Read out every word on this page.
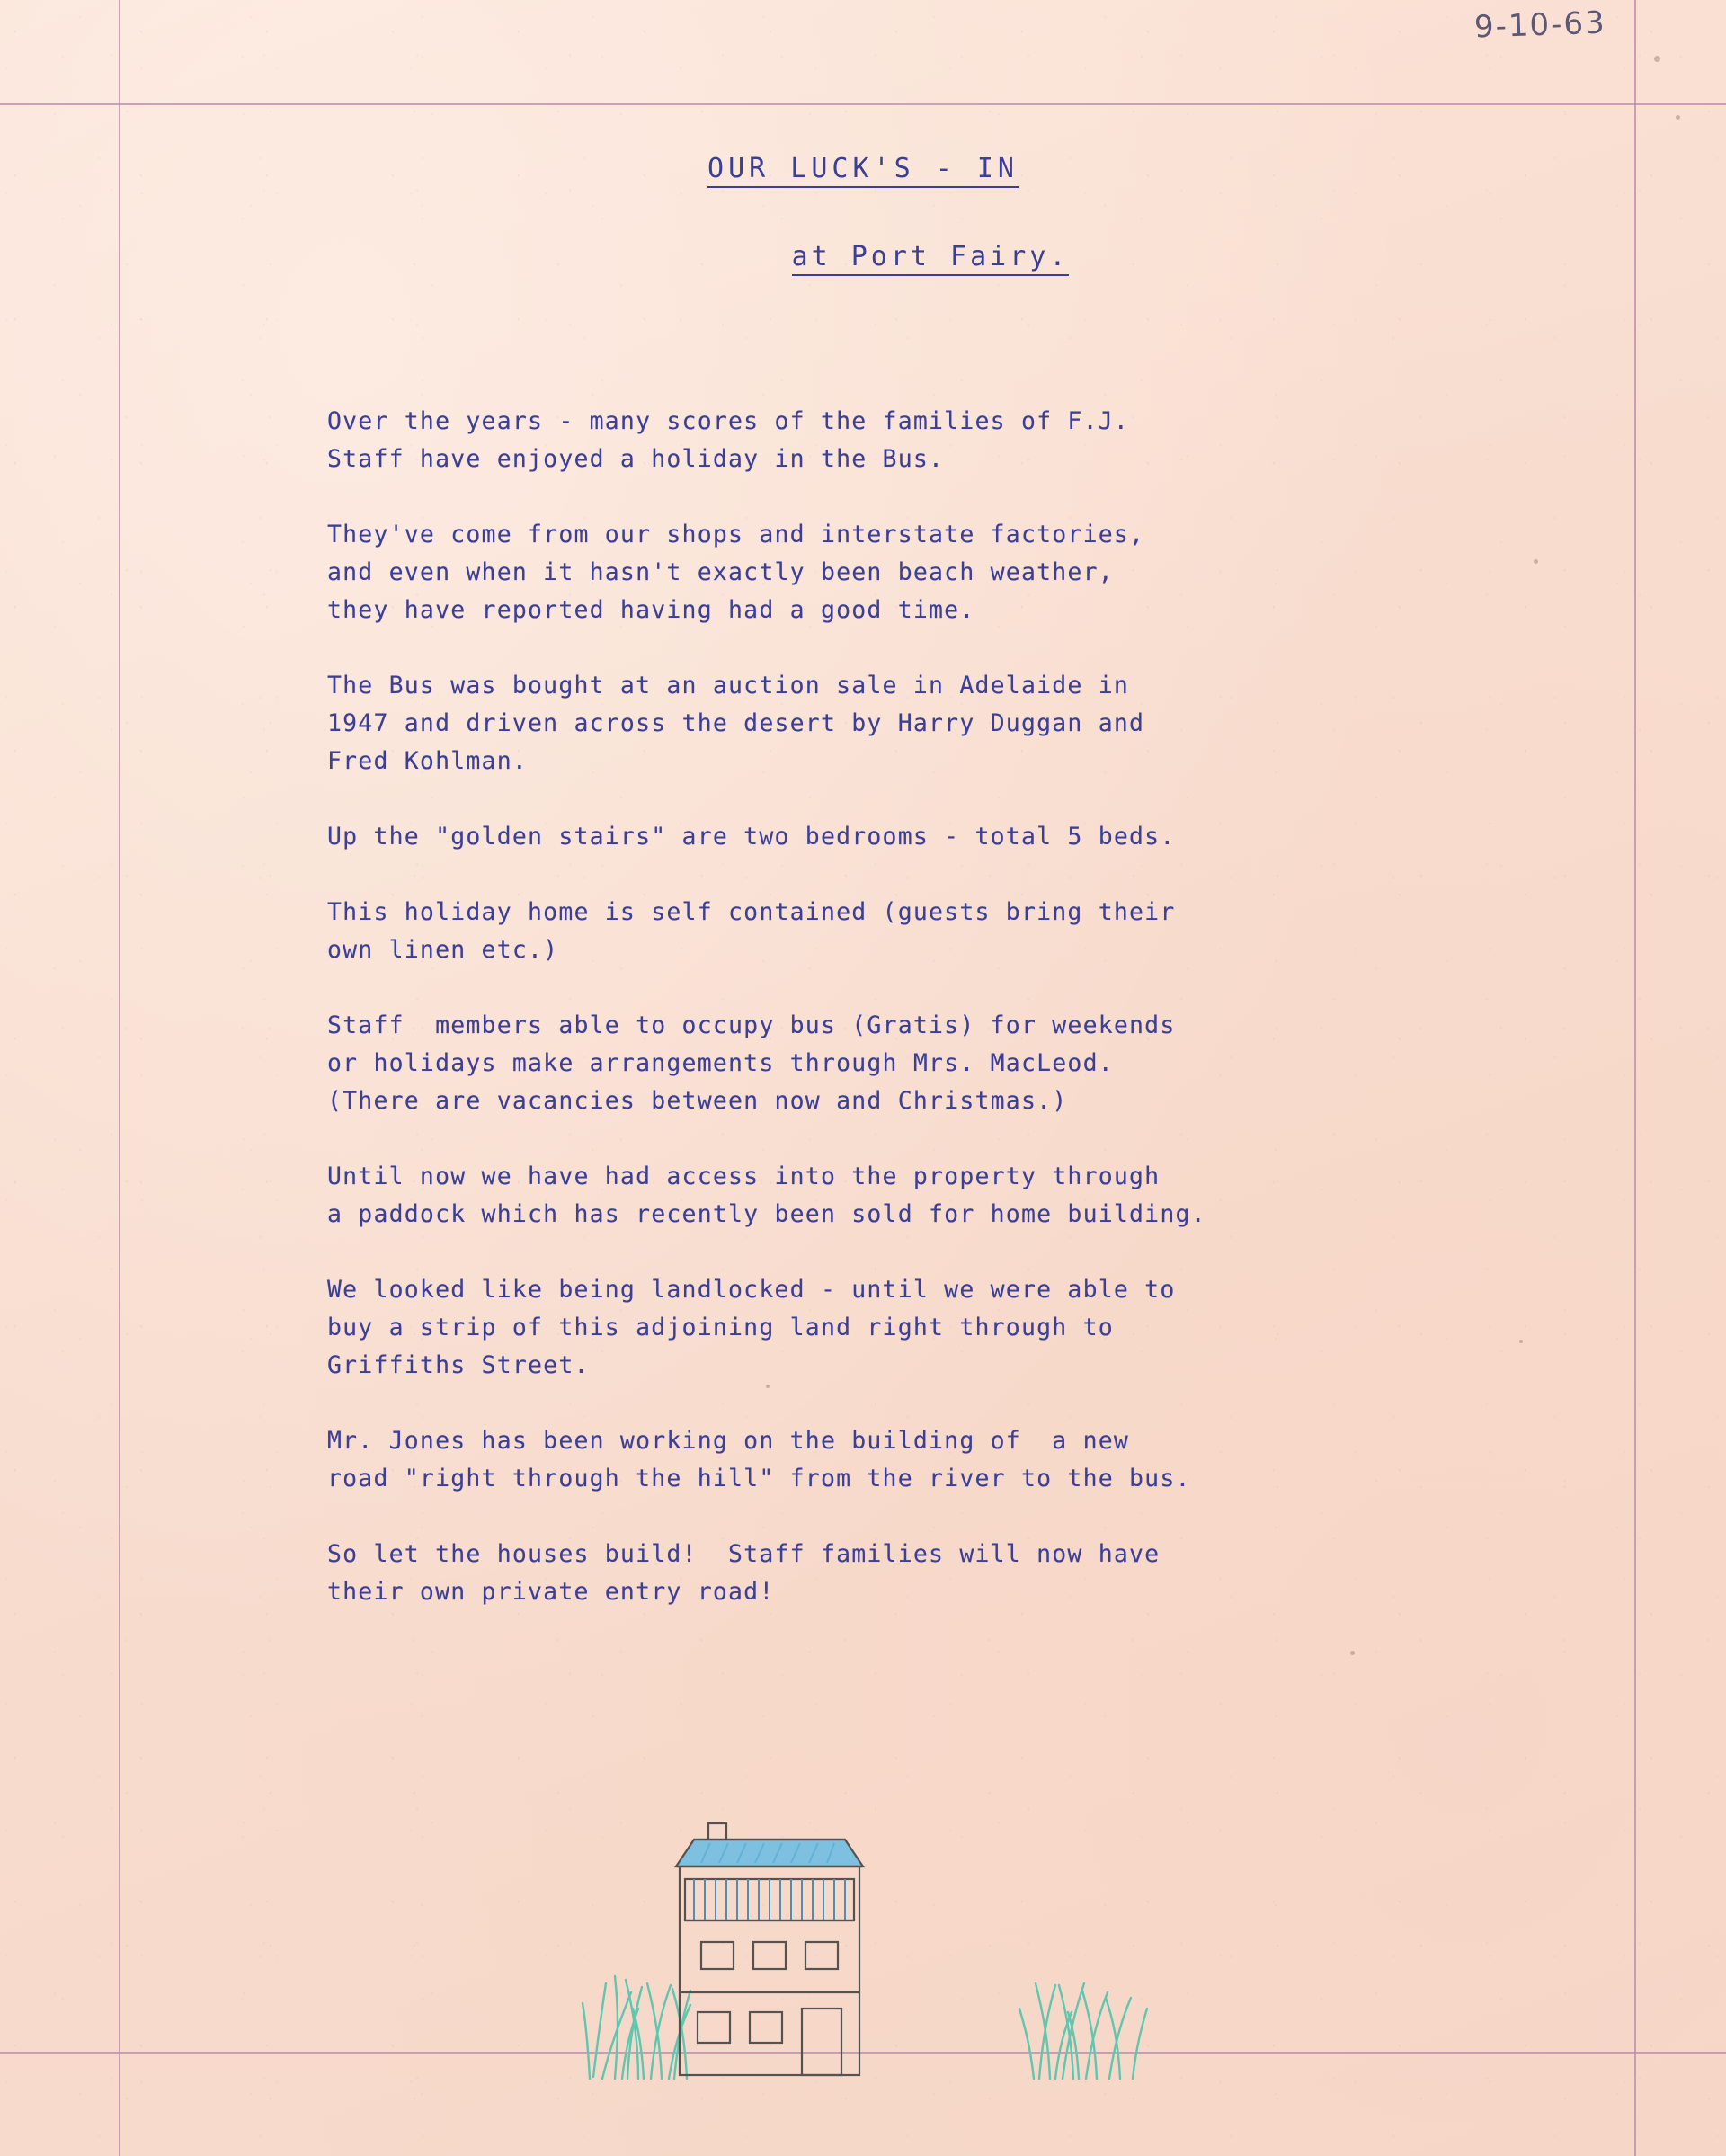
9-10-63
OUR LUCK'S - IN
at Port Fairy.

Over the years - many scores of the families of F.J.
Staff have enjoyed a holiday in the Bus.

They've come from our shops and interstate factories,
and even when it hasn't exactly been beach weather,
they have reported having had a good time.

The Bus was bought at an auction sale in Adelaide in
1947 and driven across the desert by Harry Duggan and
Fred Kohlman.

Up the "golden stairs" are two bedrooms - total 5 beds.

This holiday home is self contained (guests bring their
own linen etc.)

Staff  members able to occupy bus (Gratis) for weekends
or holidays make arrangements through Mrs. MacLeod.
(There are vacancies between now and Christmas.)

Until now we have had access into the property through
a paddock which has recently been sold for home building.

We looked like being landlocked - until we were able to
buy a strip of this adjoining land right through to
Griffiths Street.

Mr. Jones has been working on the building of  a new
road "right through the hill" from the river to the bus.

So let the houses build!  Staff families will now have
their own private entry road!
